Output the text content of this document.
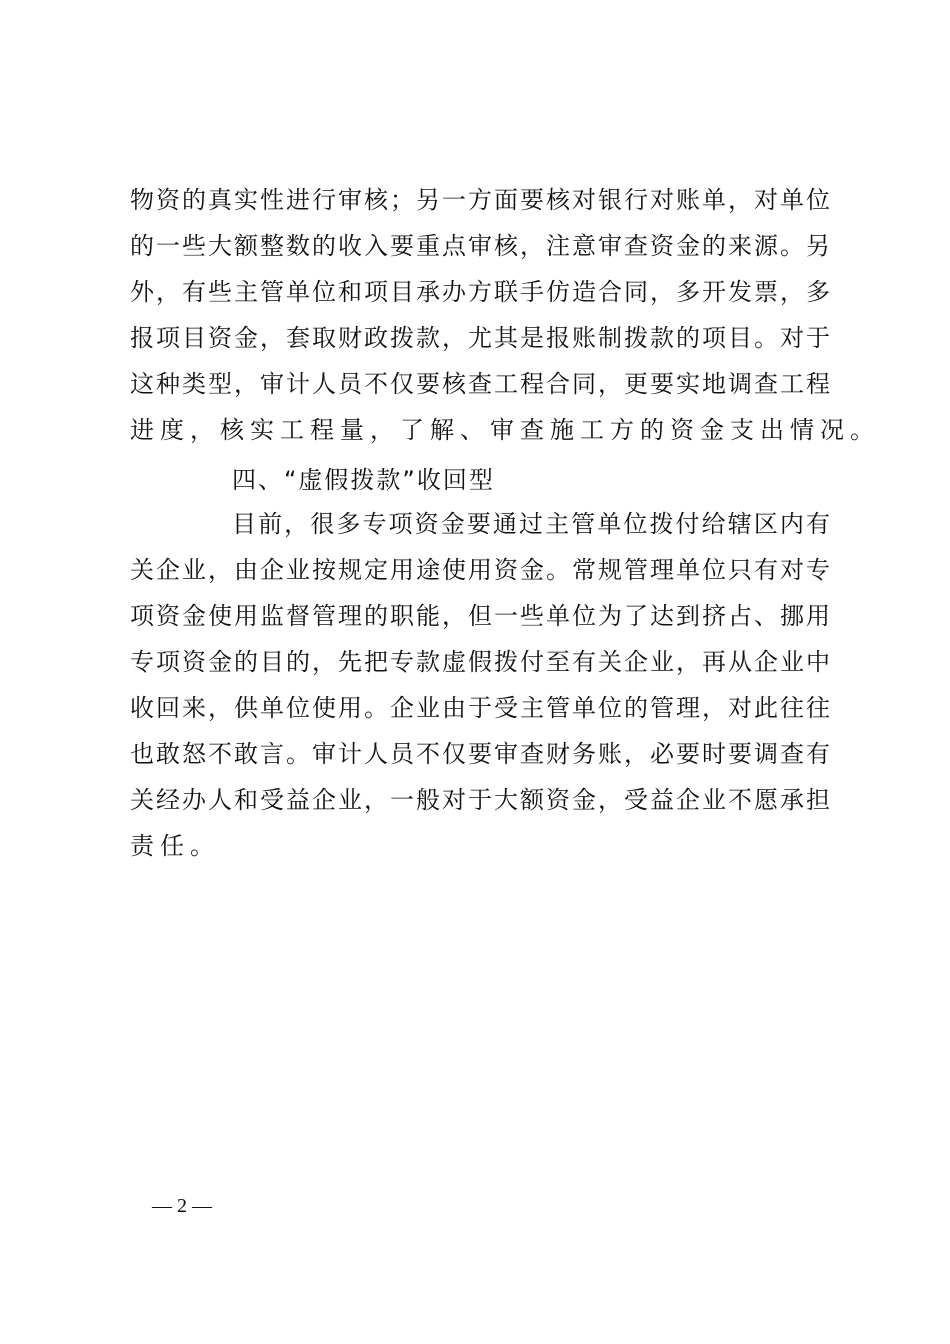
物资的真实性进行审核；另一方面要核对银行对账单，对单位
的一些大额整数的收入要重点审核，注意审查资金的来源。另
外，有些主管单位和项目承办方联手仿造合同，多开发票，多
报项目资金，套取财政拨款，尤其是报账制拨款的项目。对于
这种类型，审计人员不仅要核查工程合同，更要实地调查工程
进度，核实工程量，了解、审查施工方的资金支出情况。
四、“虚假拨款”收回型
目前，很多专项资金要通过主管单位拨付给辖区内有
关企业，由企业按规定用途使用资金。常规管理单位只有对专
项资金使用监督管理的职能，但一些单位为了达到挤占、挪用
专项资金的目的，先把专款虚假拨付至有关企业，再从企业中
收回来，供单位使用。企业由于受主管单位的管理，对此往往
也敢怒不敢言。审计人员不仅要审查财务账，必要时要调查有
关经办人和受益企业，一般对于大额资金，受益企业不愿承担
责任。
— 2 —
